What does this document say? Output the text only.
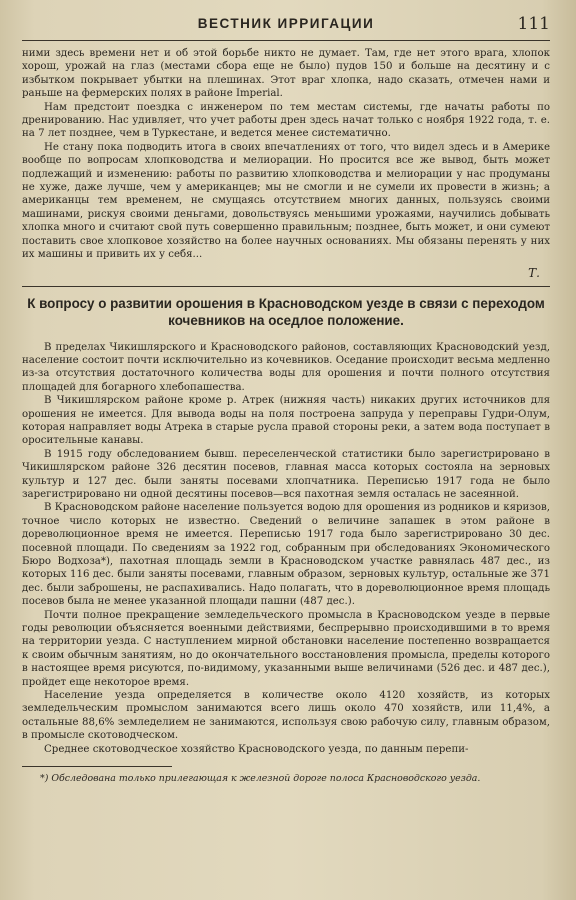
ВЕСТНИК ИРРИГАЦИИ	111

ними здесь времени нет и об этой борьбе никто не думает. Там, где нет этого врага, хлопок хорош, урожай на глаз (местами сбора еще не было) пудов 150 и больше на десятину и с избытком покрывает убытки на плешинах. Этот враг хлопка, надо сказать, отмечен нами и раньше на фермерских полях в районе Imperial.

Нам предстоит поездка с инженером по тем местам системы, где начаты работы по дренированию. Нас удивляет, что учет работы дрен здесь начат только с ноября 1922 года, т. е. на 7 лет позднее, чем в Туркестане, и ведется менее систематично.

Не стану пока подводить итога в своих впечатлениях от того, что видел здесь и в Америке вообще по вопросам хлопководства и мелиорации. Но просится все же вывод, быть может подлежащий и изменению: работы по развитию хлопководства и мелиорации у нас продуманы не хуже, даже лучше, чем у американцев; мы не смогли и не сумели их провести в жизнь; а американцы тем временем, не смущаясь отсутствием многих данных, пользуясь своими машинами, рискуя своими деньгами, довольствуясь меньшими урожаями, научились добывать хлопка много и считают свой путь совершенно правильным; позднее, быть может, и они сумеют поставить свое хлопковое хозяйство на более научных основаниях. Мы обязаны перенять у них их машины и привить их у себя...

Т.
К вопросу о развитии орошения в Красноводском уезде в связи с переходом кочевников на оседлое положение.

В пределах Чикишлярского и Красноводского районов, составляющих Красноводский уезд, население состоит почти исключительно из кочевников. Оседание происходит весьма медленно из-за отсутствия достаточного количества воды для орошения и почти полного отсутствия площадей для богарного хлебопашества.

В Чикишлярском районе кроме р. Атрек (нижняя часть) никаких других источников для орошения не имеется. Для вывода воды на поля построена запруда у переправы Гудри-Олум, которая направляет воды Атрека в старые русла правой стороны реки, а затем вода поступает в оросительные канавы.

В 1915 году обследованием бывш. переселенческой статистики было зарегистрировано в Чикишлярском районе 326 десятин посевов, главная масса которых состояла на зерновых культур и 127 дес. были заняты посевами хлопчатника. Переписью 1917 года не было зарегистрировано ни одной десятины посевов—вся пахотная земля осталась не засеянной.

В Красноводском районе население пользуется водою для орошения из родников и кяризов, точное число которых не известно. Сведений о величине запашек в этом районе в дореволюционное время не имеется. Переписью 1917 года было зарегистрировано 30 дес. посевной площади. По сведениям за 1922 год, собранным при обследованиях Экономического Бюро Водхоза*), пахотная площадь земли в Красноводском участке равнялась 487 дес., из которых 116 дес. были заняты посевами, главным образом, зерновых культур, остальные же 371 дес. были заброшены, не распахивались. Надо полагать, что в дореволюционное время площадь посевов была не менее указанной площади пашни (487 дес.).

Почти полное прекращение земледельческого промысла в Красноводском уезде в первые годы революции объясняется военными действиями, беспрерывно происходившими в то время на территории уезда. С наступлением мирной обстановки население постепенно возвращается к своим обычным занятиям, но до окончательного восстановления промысла, пределы которого в настоящее время рисуются, по-видимому, указанными выше величинами (526 дес. и 487 дес.), пройдет еще некоторое время.

Население уезда определяется в количестве около 4120 хозяйств, из которых земледельческим промыслом занимаются всего лишь около 470 хозяйств, или 11,4%, а остальные 88,6% земледелием не занимаются, используя свою рабочую силу, главным образом, в промысле скотоводческом.

Среднее скотоводческое хозяйство Красноводского уезда, по данным перепи-

*) Обследована только прилегающая к железной дороге полоса Красноводского уезда.
